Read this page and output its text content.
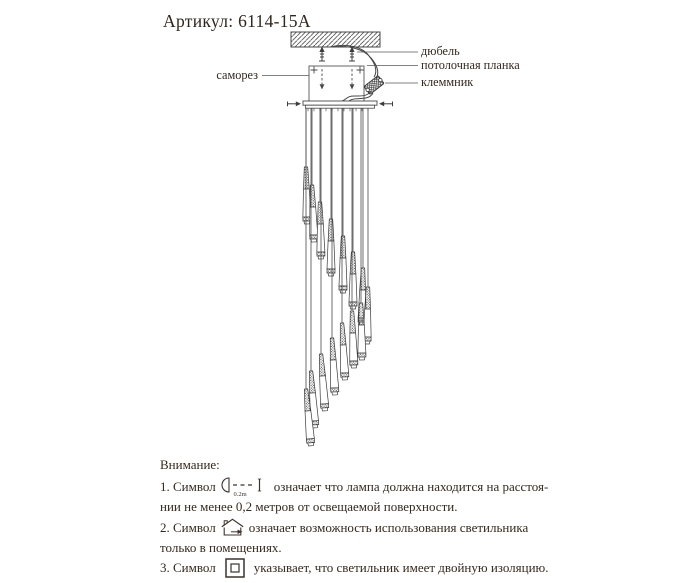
Артикул: 6114-15А
саморез
дюбель
потолочная планка
клеммник
Внимание:
1. Символ
0.2m
означает что лампа должна находится на расстоя-
нии не менее 0,2 метров от освещаемой поверхности.
2. Символ	означает возможность использования светильника
только в помещениях.
3. Символ	указывает, что светильник имеет двойную изоляцию.
